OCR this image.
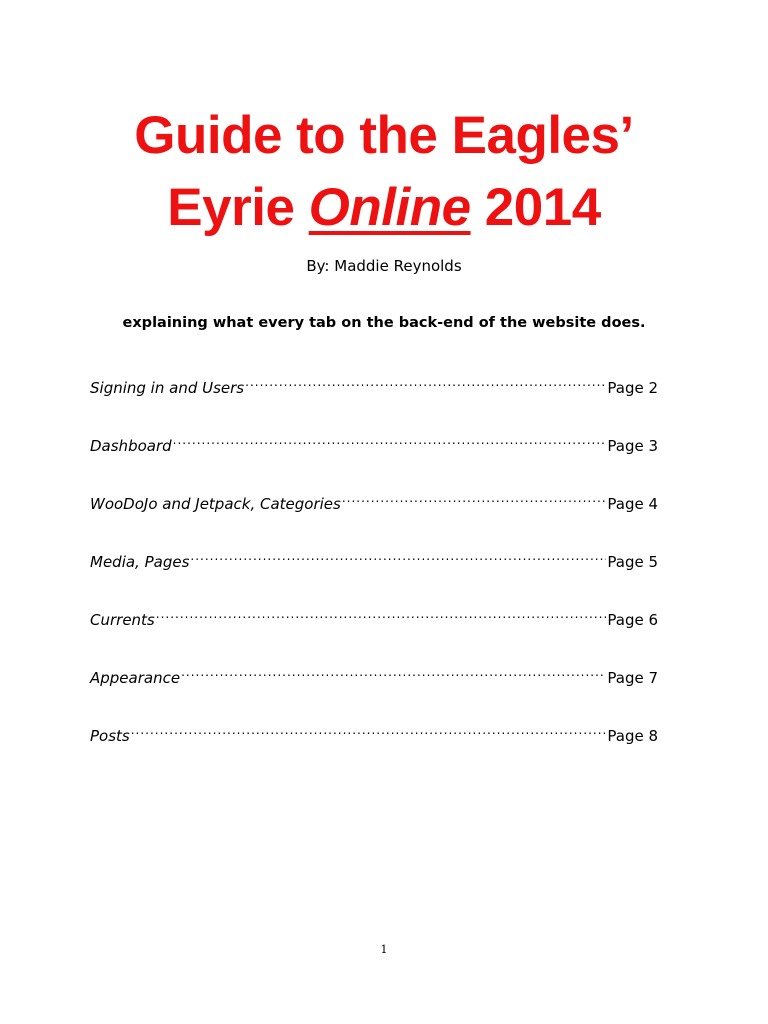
Guide to the Eagles’
Eyrie Online 2014
By: Maddie Reynolds
explaining what every tab on the back-end of the website does.
Signing in and Users .....	Page 2
Dashboard .....	Page 3
WooDoJo and Jetpack, Categories .....	Page 4
Media, Pages .....	Page 5
Currents .....	Page 6
Appearance .....	Page 7
Posts .....	Page 8
1
